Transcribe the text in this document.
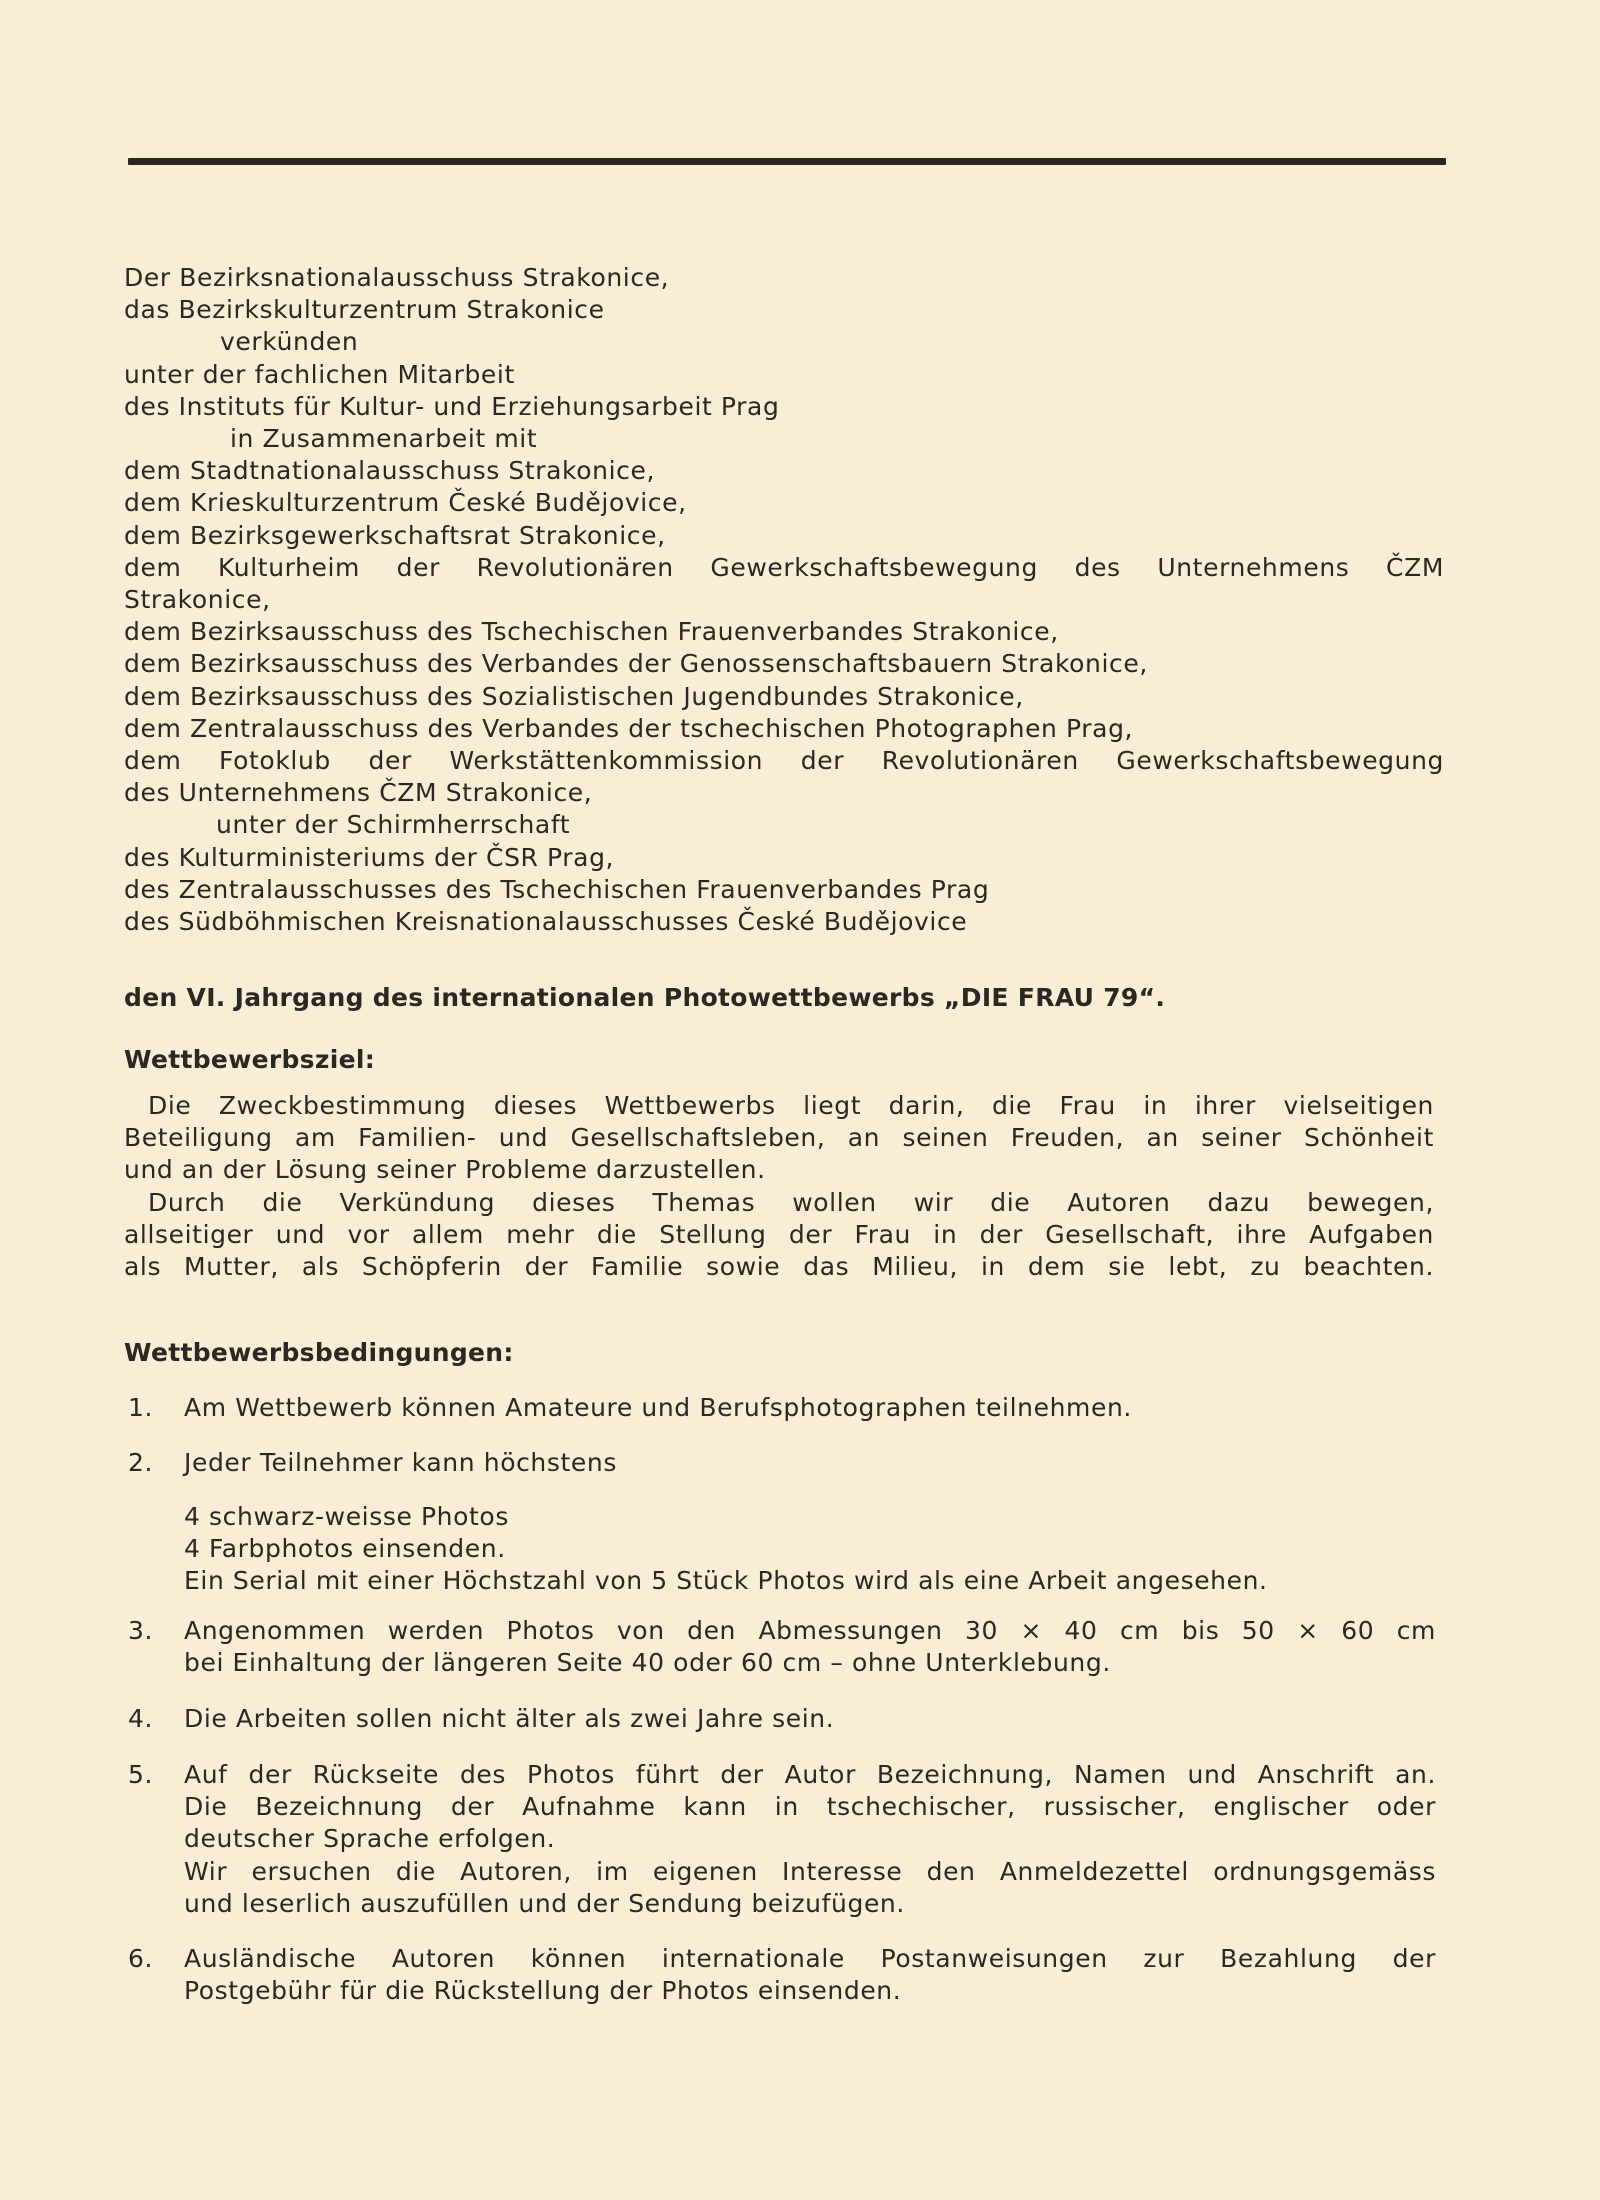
Der Bezirksnationalausschuss Strakonice,
das Bezirkskulturzentrum Strakonice
verkünden
unter der fachlichen Mitarbeit
des Instituts für Kultur- und Erziehungsarbeit Prag
in Zusammenarbeit mit
dem Stadtnationalausschuss Strakonice,
dem Krieskulturzentrum České Budějovice,
dem Bezirksgewerkschaftsrat Strakonice,
dem Kulturheim der Revolutionären Gewerkschaftsbewegung des Unternehmens ČZM
Strakonice,
dem Bezirksausschuss des Tschechischen Frauenverbandes Strakonice,
dem Bezirksausschuss des Verbandes der Genossenschaftsbauern Strakonice,
dem Bezirksausschuss des Sozialistischen Jugendbundes Strakonice,
dem Zentralausschuss des Verbandes der tschechischen Photographen Prag,
dem Fotoklub der Werkstättenkommission der Revolutionären Gewerkschaftsbewegung
des Unternehmens ČZM Strakonice,
unter der Schirmherrschaft
des Kulturministeriums der ČSR Prag,
des Zentralausschusses des Tschechischen Frauenverbandes Prag
des Südböhmischen Kreisnationalausschusses České Budějovice
den VI. Jahrgang des internationalen Photowettbewerbs „DIE FRAU 79“.
Wettbewerbsziel:
Die Zweckbestimmung dieses Wettbewerbs liegt darin, die Frau in ihrer vielseitigen
Beteiligung am Familien- und Gesellschaftsleben, an seinen Freuden, an seiner Schönheit
und an der Lösung seiner Probleme darzustellen.
Durch die Verkündung dieses Themas wollen wir die Autoren dazu bewegen,
allseitiger und vor allem mehr die Stellung der Frau in der Gesellschaft, ihre Aufgaben
als Mutter, als Schöpferin der Familie sowie das Milieu, in dem sie lebt, zu beachten.
Wettbewerbsbedingungen:
1.	Am Wettbewerb können Amateure und Berufsphotographen teilnehmen.
2.	Jeder Teilnehmer kann höchstens
4 schwarz-weisse Photos
4 Farbphotos einsenden.
Ein Serial mit einer Höchstzahl von 5 Stück Photos wird als eine Arbeit angesehen.
3.	Angenommen werden Photos von den Abmessungen 30 × 40 cm bis 50 × 60 cm
bei Einhaltung der längeren Seite 40 oder 60 cm – ohne Unterklebung.
4.	Die Arbeiten sollen nicht älter als zwei Jahre sein.
5.	Auf der Rückseite des Photos führt der Autor Bezeichnung, Namen und Anschrift an.
Die Bezeichnung der Aufnahme kann in tschechischer, russischer, englischer oder
deutscher Sprache erfolgen.
Wir ersuchen die Autoren, im eigenen Interesse den Anmeldezettel ordnungsgemäss
und leserlich auszufüllen und der Sendung beizufügen.
6.	Ausländische Autoren können internationale Postanweisungen zur Bezahlung der
Postgebühr für die Rückstellung der Photos einsenden.
